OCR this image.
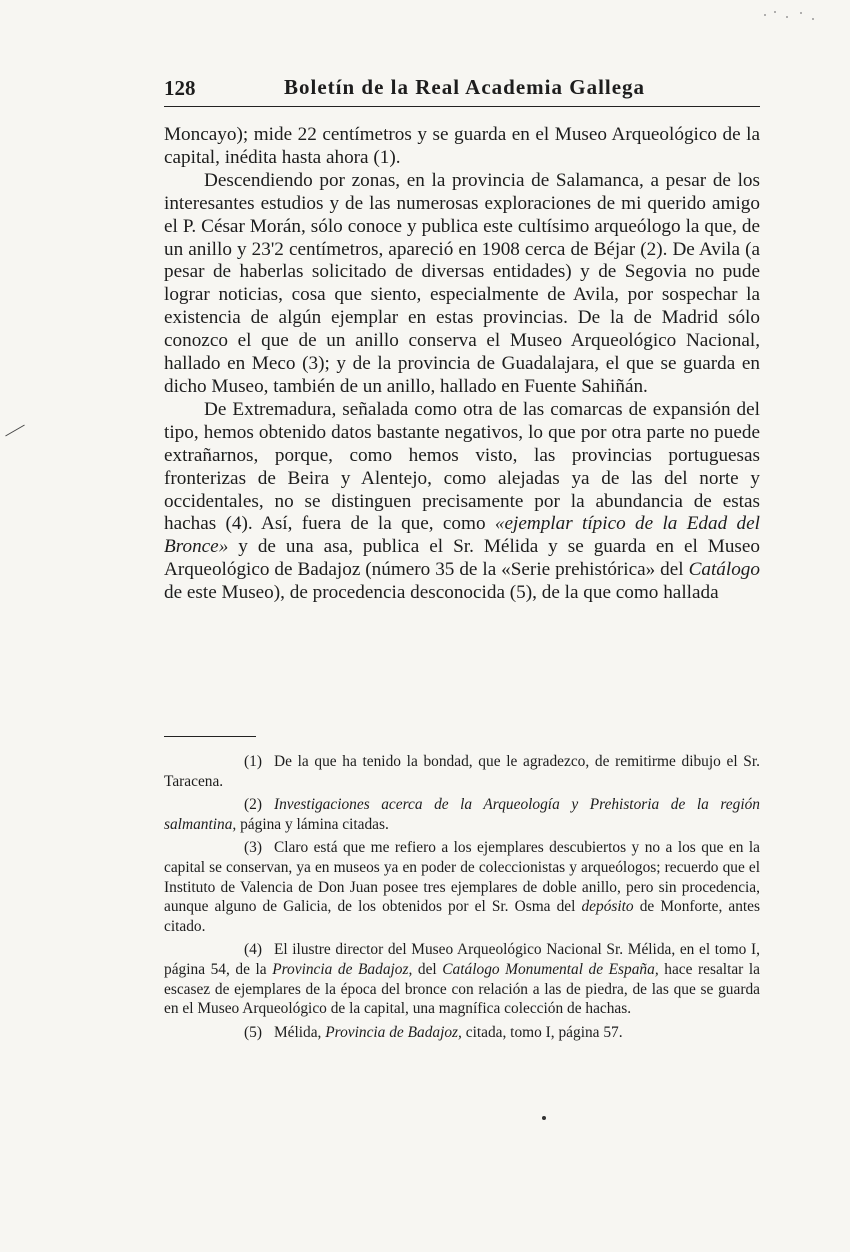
128	Boletín de la Real Academia Gallega

Moncayo); mide 22 centímetros y se guarda en el Museo Arqueológico de la capital, inédita hasta ahora (1).

Descendiendo por zonas, en la provincia de Salamanca, a pesar de los interesantes estudios y de las numerosas exploraciones de mi querido amigo el P. César Morán, sólo conoce y publica este cultísimo arqueólogo la que, de un anillo y 23'2 centímetros, apareció en 1908 cerca de Béjar (2). De Avila (a pesar de haberlas solicitado de diversas entidades) y de Segovia no pude lograr noticias, cosa que siento, especialmente de Avila, por sospechar la existencia de algún ejemplar en estas provincias. De la de Madrid sólo conozco el que de un anillo conserva el Museo Arqueológico Nacional, hallado en Meco (3); y de la provincia de Guadalajara, el que se guarda en dicho Museo, también de un anillo, hallado en Fuente Sahiñán.

De Extremadura, señalada como otra de las comarcas de expansión del tipo, hemos obtenido datos bastante negativos, lo que por otra parte no puede extrañarnos, porque, como hemos visto, las provincias portuguesas fronterizas de Beira y Alentejo, como alejadas ya de las del norte y occidentales, no se distinguen precisamente por la abundancia de estas hachas (4). Así, fuera de la que, como «ejemplar típico de la Edad del Bronce» y de una asa, publica el Sr. Mélida y se guarda en el Museo Arqueológico de Badajoz (número 35 de la «Serie prehistórica» del Catálogo de este Museo), de procedencia desconocida (5), de la que como hallada

(1) De la que ha tenido la bondad, que le agradezco, de remitirme dibujo el Sr. Taracena.

(2) Investigaciones acerca de la Arqueología y Prehistoria de la región salmantina, página y lámina citadas.

(3) Claro está que me refiero a los ejemplares descubiertos y no a los que en la capital se conservan, ya en museos ya en poder de coleccionistas y arqueólogos; recuerdo que el Instituto de Valencia de Don Juan posee tres ejemplares de doble anillo, pero sin procedencia, aunque alguno de Galicia, de los obtenidos por el Sr. Osma del depósito de Monforte, antes citado.

(4) El ilustre director del Museo Arqueológico Nacional Sr. Mélida, en el tomo I, página 54, de la Provincia de Badajoz, del Catálogo Monumental de España, hace resaltar la escasez de ejemplares de la época del bronce con relación a las de piedra, de las que se guarda en el Museo Arqueológico de la capital, una magnífica colección de hachas.

(5) Mélida, Provincia de Badajoz, citada, tomo I, página 57.
